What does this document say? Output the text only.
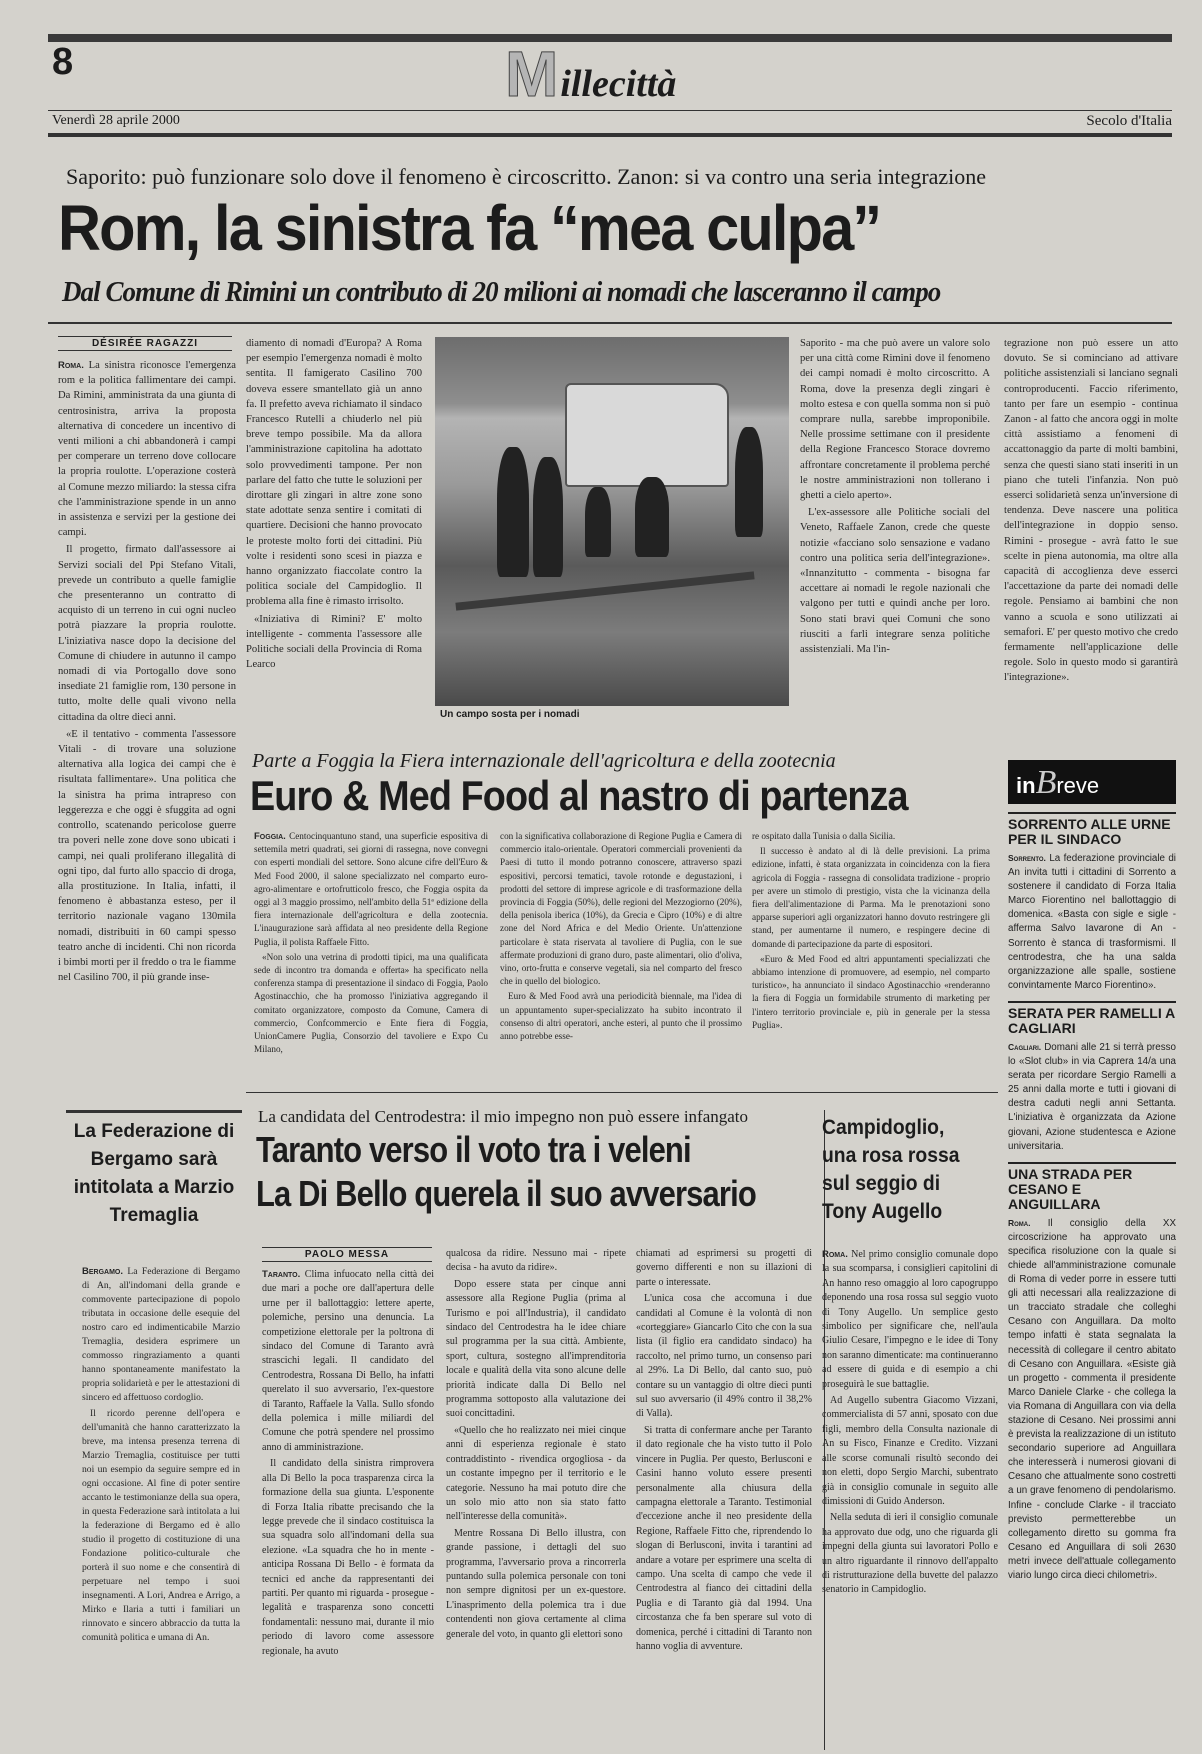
8	Millecittà
Venerdì 28 aprile 2000	Secolo d'Italia
Saporito: può funzionare solo dove il fenomeno è circoscritto. Zanon: si va contro una seria integrazione
Rom, la sinistra fa “mea culpa”
Dal Comune di Rimini un contributo di 20 milioni ai nomadi che lasceranno il campo
DÉSIRÉE RAGAZZI

Roma. La sinistra riconosce l'emergenza rom e la politica fallimentare dei campi. Da Rimini, amministrata da una giunta di centrosinistra, arriva la proposta alternativa di concedere un incentivo di venti milioni a chi abbandonerà i campi per comperare un terreno dove collocare la propria roulotte. L'operazione costerà al Comune mezzo miliardo: la stessa cifra che l'amministrazione spende in un anno in assistenza e servizi per la gestione dei campi.

Il progetto, firmato dall'assessore ai Servizi sociali del Ppi Stefano Vitali, prevede un contributo a quelle famiglie che presenteranno un contratto di acquisto di un terreno in cui ogni nucleo potrà piazzare la propria roulotte. L'iniziativa nasce dopo la decisione del Comune di chiudere in autunno il campo nomadi di via Portogallo dove sono insediate 21 famiglie rom, 130 persone in tutto, molte delle quali vivono nella cittadina da oltre dieci anni.

«E il tentativo - commenta l'assessore Vitali - di trovare una soluzione alternativa alla logica dei campi che è risultata fallimentare». Una politica che la sinistra ha prima intrapreso con leggerezza e che oggi è sfuggita ad ogni controllo, scatenando pericolose guerre tra poveri nelle zone dove sono ubicati i campi, nei quali proliferano illegalità di ogni tipo, dal furto allo spaccio di droga, alla prostituzione. In Italia, infatti, il fenomeno è abbastanza esteso, per il territorio nazionale vagano 130mila nomadi, distribuiti in 60 campi spesso teatro anche di incidenti. Chi non ricorda i bimbi morti per il freddo o tra le fiamme nel Casilino 700, il più grande inse-

diamento di nomadi d'Europa? A Roma per esempio l'emergenza nomadi è molto sentita. Il famigerato Casilino 700 doveva essere smantellato già un anno fa. Il prefetto aveva richiamato il sindaco Francesco Rutelli a chiuderlo nel più breve tempo possibile. Ma da allora l'amministrazione capitolina ha adottato solo provvedimenti tampone. Per non parlare del fatto che tutte le soluzioni per dirottare gli zingari in altre zone sono state adottate senza sentire i comitati di quartiere. Decisioni che hanno provocato le proteste molto forti dei cittadini. Più volte i residenti sono scesi in piazza e hanno organizzato fiaccolate contro la politica sociale del Campidoglio. Il problema alla fine è rimasto irrisolto.

«Iniziativa di Rimini? E' molto intelligente - commenta l'assessore alle Politiche sociali della Provincia di Roma Learco

Un campo sosta per i nomadi

Saporito - ma che può avere un valore solo per una città come Rimini dove il fenomeno dei campi nomadi è molto circoscritto. A Roma, dove la presenza degli zingari è molto estesa e con quella somma non si può comprare nulla, sarebbe improponibile. Nelle prossime settimane con il presidente della Regione Francesco Storace dovremo affrontare concretamente il problema perché le nostre amministrazioni non tollerano i ghetti a cielo aperto».

L'ex-assessore alle Politiche sociali del Veneto, Raffaele Zanon, crede che queste notizie «facciano solo sensazione e vadano contro una politica seria dell'integrazione». «Innanzitutto - commenta - bisogna far accettare ai nomadi le regole nazionali che valgono per tutti e quindi anche per loro. Sono stati bravi quei Comuni che sono riusciti a farli integrare senza politiche assistenziali. Ma l'in-

tegrazione non può essere un atto dovuto. Se si cominciano ad attivare politiche assistenziali si lanciano segnali controproducenti. Faccio riferimento, tanto per fare un esempio - continua Zanon - al fatto che ancora oggi in molte città assistiamo a fenomeni di accattonaggio da parte di molti bambini, senza che questi siano stati inseriti in un piano che tuteli l'infanzia. Non può esserci solidarietà senza un'inversione di tendenza. Deve nascere una politica dell'integrazione in doppio senso. Rimini - prosegue - avrà fatto le sue scelte in piena autonomia, ma oltre alla capacità di accoglienza deve esserci l'accettazione da parte dei nomadi delle regole. Pensiamo ai bambini che non vanno a scuola e sono utilizzati ai semafori. E' per questo motivo che credo fermamente nell'applicazione delle regole. Solo in questo modo si garantirà l'integrazione».

Parte a Foggia la Fiera internazionale dell'agricoltura e della zootecnia
Euro & Med Food al nastro di partenza

Foggia. Centocinquantuno stand, una superficie espositiva di settemila metri quadrati, sei giorni di rassegna, nove convegni con esperti mondiali del settore. Sono alcune cifre dell'Euro & Med Food 2000, il salone specializzato nel comparto euro-agro-alimentare e ortofrutticolo fresco, che Foggia ospita da oggi al 3 maggio prossimo, nell'ambito della 51ª edizione della fiera internazionale dell'agricoltura e della zootecnia. L'inaugurazione sarà affidata al neo presidente della Regione Puglia, il polista Raffaele Fitto.

«Non solo una vetrina di prodotti tipici, ma una qualificata sede di incontro tra domanda e offerta» ha specificato nella conferenza stampa di presentazione il sindaco di Foggia, Paolo Agostinacchio, che ha promosso l'iniziativa aggregando il comitato organizzatore, composto da Comune, Camera di commercio, Confcommercio e Ente fiera di Foggia, UnionCamere Puglia, Consorzio del tavoliere e Expo Cu Milano,

con la significativa collaborazione di Regione Puglia e Camera di commercio italo-orientale. Operatori commerciali provenienti da Paesi di tutto il mondo potranno conoscere, attraverso spazi espositivi, percorsi tematici, tavole rotonde e degustazioni, i prodotti del settore di imprese agricole e di trasformazione della provincia di Foggia (50%), delle regioni del Mezzogiorno (20%), della penisola iberica (10%), da Grecia e Cipro (10%) e di altre zone del Nord Africa e del Medio Oriente. Un'attenzione particolare è stata riservata al tavoliere di Puglia, con le sue affermate produzioni di grano duro, paste alimentari, olio d'oliva, vino, orto-frutta e conserve vegetali, sia nel comparto del fresco che in quello del biologico.

Euro & Med Food avrà una periodicità biennale, ma l'idea di un appuntamento super-specializzato ha subito incontrato il consenso di altri operatori, anche esteri, al punto che il prossimo anno potrebbe esse-

re ospitato dalla Tunisia o dalla Sicilia.

Il successo è andato al di là delle previsioni. La prima edizione, infatti, è stata organizzata in coincidenza con la fiera agricola di Foggia - rassegna di consolidata tradizione - proprio per avere un stimolo di prestigio, vista che la vicinanza della fiera dell'alimentazione di Parma. Ma le prenotazioni sono apparse superiori agli organizzatori hanno dovuto restringere gli stand, per aumentarne il numero, e respingere decine di domande di partecipazione da parte di espositori.

«Euro & Med Food ed altri appuntamenti specializzati che abbiamo intenzione di promuovere, ad esempio, nel comparto turistico», ha annunciato il sindaco Agostinacchio «renderanno la fiera di Foggia un formidabile strumento di marketing per l'intero territorio provinciale e, più in generale per la stessa Puglia».

inBreve
SORRENTO ALLE URNE PER IL SINDACO
Sorrento. La federazione provinciale di An invita tutti i cittadini di Sorrento a sostenere il candidato di Forza Italia Marco Fiorentino nel ballottaggio di domenica. «Basta con sigle e sigle - afferma Salvo Iavarone di An - Sorrento è stanca di trasformismi. Il centrodestra, che ha una salda organizzazione alle spalle, sostiene convintamente Marco Fiorentino».
SERATA PER RAMELLI A CAGLIARI
Cagliari. Domani alle 21 si terrà presso lo «Slot club» in via Caprera 14/a una serata per ricordare Sergio Ramelli a 25 anni dalla morte e tutti i giovani di destra caduti negli anni Settanta. L'iniziativa è organizzata da Azione giovani, Azione studentesca e Azione universitaria.
UNA STRADA PER CESANO E ANGUILLARA
Roma. Il consiglio della XX circoscrizione ha approvato una specifica risoluzione con la quale si chiede all'amministrazione comunale di Roma di veder porre in essere tutti gli atti necessari alla realizzazione di un tracciato stradale che colleghi Cesano con Anguillara. Da molto tempo infatti è stata segnalata la necessità di collegare il centro abitato di Cesano con Anguillara. «Esiste già un progetto - commenta il presidente Marco Daniele Clarke - che collega la via Romana di Anguillara con via della stazione di Cesano. Nei prossimi anni è prevista la realizzazione di un istituto secondario superiore ad Anguillara che interesserà i numerosi giovani di Cesano che attualmente sono costretti a un grave fenomeno di pendolarismo. Infine - conclude Clarke - il tracciato previsto permetterebbe un collegamento diretto su gomma fra Cesano ed Anguillara di soli 2630 metri invece dell'attuale collegamento viario lungo circa dieci chilometri».
La Federazione di Bergamo sarà intitolata a Marzio Tremaglia

Bergamo. La Federazione di Bergamo di An, all'indomani della grande e commovente partecipazione di popolo tributata in occasione delle esequie del nostro caro ed indimenticabile Marzio Tremaglia, desidera esprimere un commosso ringraziamento a quanti hanno spontaneamente manifestato la propria solidarietà e per le attestazioni di sincero ed affettuoso cordoglio.

Il ricordo perenne dell'opera e dell'umanità che hanno caratterizzato la breve, ma intensa presenza terrena di Marzio Tremaglia, costituisce per tutti noi un esempio da seguire sempre ed in ogni occasione. Al fine di poter sentire accanto le testimonianze della sua opera, in questa Federazione sarà intitolata a lui la federazione di Bergamo ed è allo studio il progetto di costituzione di una Fondazione politico-culturale che porterà il suo nome e che consentirà di perpetuare nel tempo i suoi insegnamenti. A Lori, Andrea e Arrigo, a Mirko e Ilaria a tutti i familiari un rinnovato e sincero abbraccio da tutta la comunità politica e umana di An.

La candidata del Centrodestra: il mio impegno non può essere infangato
Taranto verso il voto tra i veleni
La Di Bello querela il suo avversario
PAOLO MESSA

Taranto. Clima infuocato nella città dei due mari a poche ore dall'apertura delle urne per il ballottaggio: lettere aperte, polemiche, persino una denuncia. La competizione elettorale per la poltrona di sindaco del Comune di Taranto avrà strascichi legali. Il candidato del Centrodestra, Rossana Di Bello, ha infatti querelato il suo avversario, l'ex-questore di Taranto, Raffaele la Valla. Sullo sfondo della polemica i mille miliardi del Comune che potrà spendere nel prossimo anno di amministrazione.

Il candidato della sinistra rimprovera alla Di Bello la poca trasparenza circa la formazione della sua giunta. L'esponente di Forza Italia ribatte precisando che la legge prevede che il sindaco costituisca la sua squadra solo all'indomani della sua elezione. «La squadra che ho in mente - anticipa Rossana Di Bello - è formata da tecnici ed anche da rappresentanti dei partiti. Per quanto mi riguarda - prosegue - legalità e trasparenza sono concetti fondamentali: nessuno mai, durante il mio periodo di lavoro come assessore regionale, ha avuto

qualcosa da ridire. Nessuno mai - ripete decisa - ha avuto da ridire».

Dopo essere stata per cinque anni assessore alla Regione Puglia (prima al Turismo e poi all'Industria), il candidato sindaco del Centrodestra ha le idee chiare sul programma per la sua città. Ambiente, sport, cultura, sostegno all'imprenditoria locale e qualità della vita sono alcune delle priorità indicate dalla Di Bello nel programma sottoposto alla valutazione dei suoi concittadini.

«Quello che ho realizzato nei miei cinque anni di esperienza regionale è stato contraddistinto - rivendica orgogliosa - da un costante impegno per il territorio e le categorie. Nessuno ha mai potuto dire che un solo mio atto non sia stato fatto nell'interesse della comunità».

Mentre Rossana Di Bello illustra, con grande passione, i dettagli del suo programma, l'avversario prova a rincorrerla puntando sulla polemica personale con toni non sempre dignitosi per un ex-questore. L'inasprimento della polemica tra i due contendenti non giova certamente al clima generale del voto, in quanto gli elettori sono

chiamati ad esprimersi su progetti di governo differenti e non su illazioni di parte o interessate.

L'unica cosa che accomuna i due candidati al Comune è la volontà di non «corteggiare» Giancarlo Cito che con la sua lista (il figlio era candidato sindaco) ha raccolto, nel primo turno, un consenso pari al 29%. La Di Bello, dal canto suo, può contare su un vantaggio di oltre dieci punti sul suo avversario (il 49% contro il 38,2% di Valla).

Si tratta di confermare anche per Taranto il dato regionale che ha visto tutto il Polo vincere in Puglia. Per questo, Berlusconi e Casini hanno voluto essere presenti personalmente alla chiusura della campagna elettorale a Taranto. Testimonial d'eccezione anche il neo presidente della Regione, Raffaele Fitto che, riprendendo lo slogan di Berlusconi, invita i tarantini ad andare a votare per esprimere una scelta di campo. Una scelta di campo che vede il Centrodestra al fianco dei cittadini della Puglia e di Taranto già dal 1994. Una circostanza che fa ben sperare sul voto di domenica, perché i cittadini di Taranto non hanno voglia di avventure.

Campidoglio, una rosa rossa sul seggio di Tony Augello

Roma. Nel primo consiglio comunale dopo la sua scomparsa, i consiglieri capitolini di An hanno reso omaggio al loro capogruppo deponendo una rosa rossa sul seggio vuoto di Tony Augello. Un semplice gesto simbolico per significare che, nell'aula Giulio Cesare, l'impegno e le idee di Tony non saranno dimenticate: ma continueranno ad essere di guida e di esempio a chi proseguirà le sue battaglie.

Ad Augello subentra Giacomo Vizzani, commercialista di 57 anni, sposato con due figli, membro della Consulta nazionale di An su Fisco, Finanze e Credito. Vizzani alle scorse comunali risultò secondo dei non eletti, dopo Sergio Marchi, subentrato già in consiglio comunale in seguito alle dimissioni di Guido Anderson.

Nella seduta di ieri il consiglio comunale ha approvato due odg, uno che riguarda gli impegni della giunta sui lavoratori Pollo e un altro riguardante il rinnovo dell'appalto di ristrutturazione della buvette del palazzo senatorio in Campidoglio.
